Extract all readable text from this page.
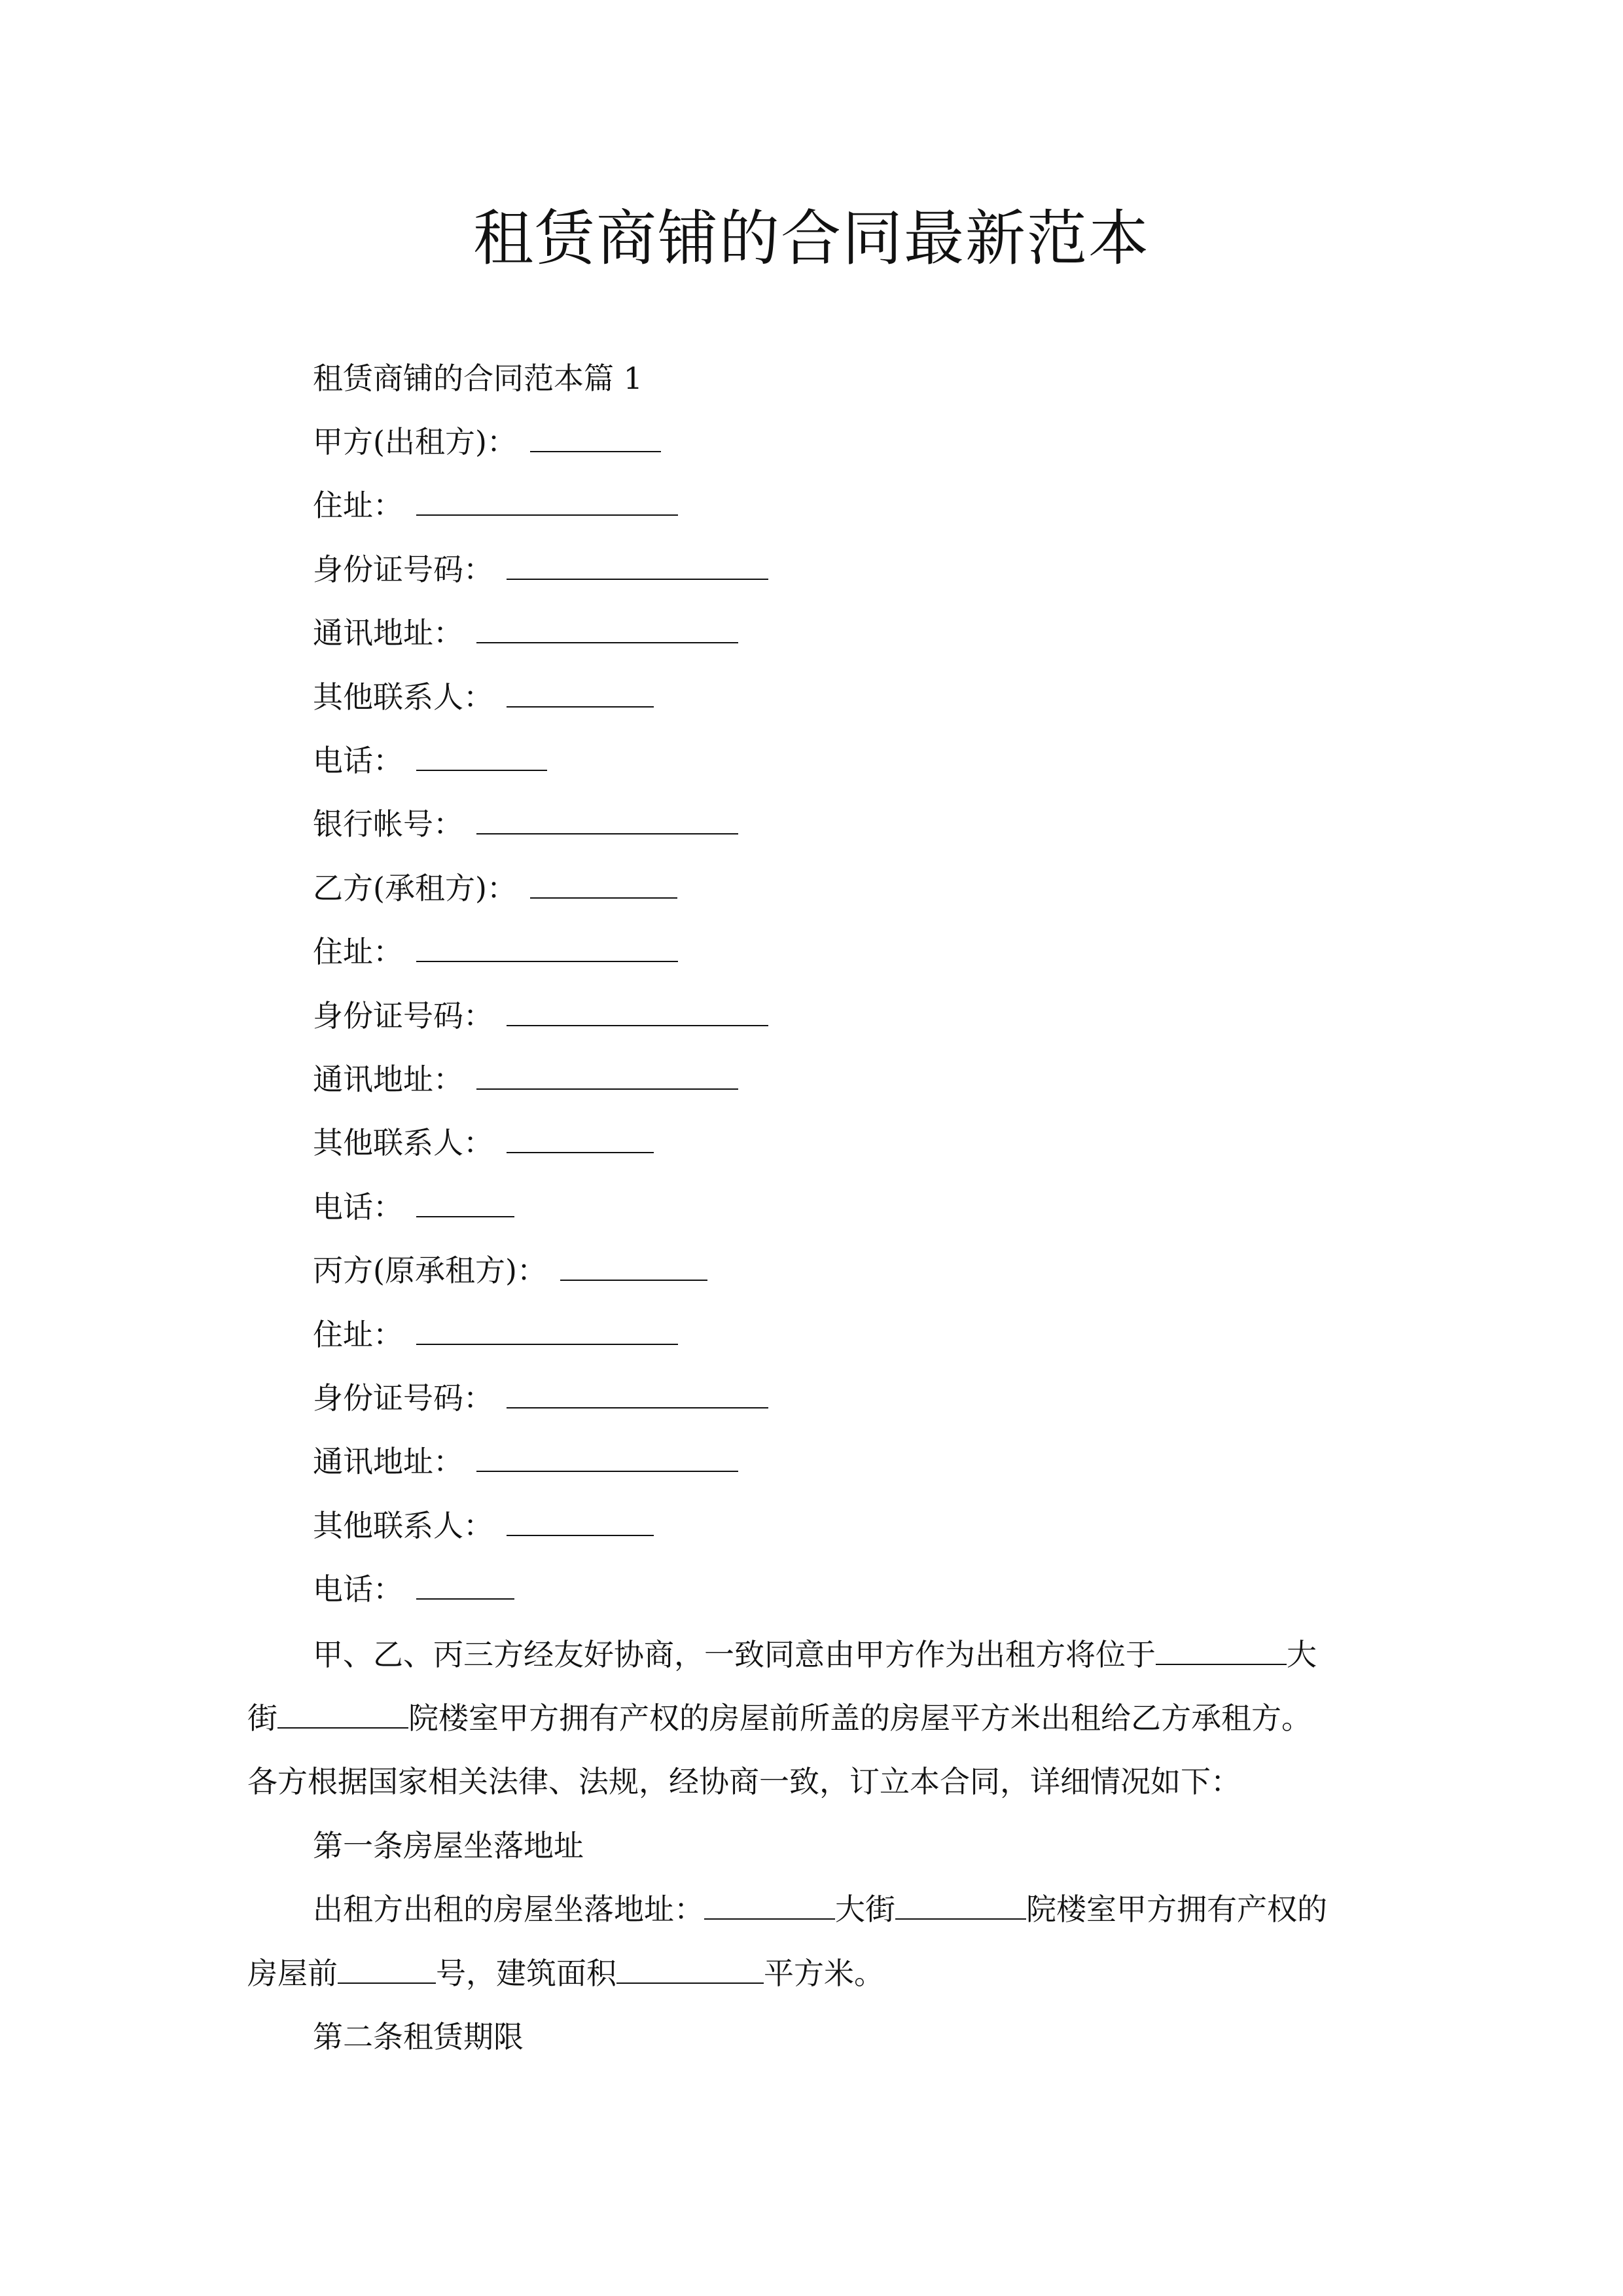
租赁商铺的合同最新范本
租赁商铺的合同范本篇 1
甲方(出租方)：
住址：
身份证号码：
通讯地址：
其他联系人：
电话：
银行帐号：
乙方(承租方)：
住址：
身份证号码：
通讯地址：
其他联系人：
电话：
丙方(原承租方)：
住址：
身份证号码：
通讯地址：
其他联系人：
电话：
甲、乙、丙三方经友好协商，一致同意由甲方作为出租方将位于	大
街	院楼室甲方拥有产权的房屋前所盖的房屋平方米出租给乙方承租方。
各方根据国家相关法律、法规，经协商一致，订立本合同，详细情况如下：
第一条房屋坐落地址
出租方出租的房屋坐落地址：	大街	院楼室甲方拥有产权的
房屋前	号，建筑面积	平方米。
第二条租赁期限
